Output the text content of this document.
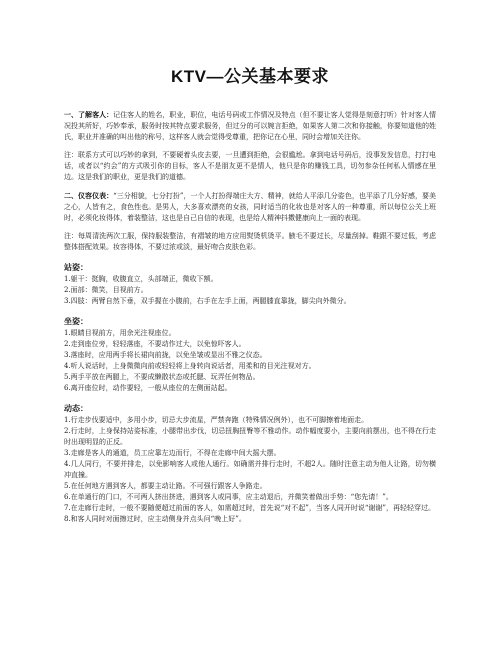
KTV—公关基本要求

一、了解客人：记住客人的姓名，职业，职位，电话号码或工作情况及特点（但不要让客人觉得是刻意打听）针对客人情况投其所好，巧妙奉承，服务时按其特点要求服务，但过分的可以婉言拒绝，如果客人第二次和你接触，你要知道他的姓氏，职业并准确的叫出他的称号，这样客人就会觉得受尊重，把你记在心里，同时会增加关注你。

注：联系方式可以巧妙的拿到，不要硬着头皮去要，一旦遭到拒绝，会很尴尬。拿到电话号码后，没事发发信息，打打电话，或者以“约会”的方式吸引你的目标，客人不是朋友更不是情人，他只是你的赚钱工具，切勿参杂任何私人情感在里边。这是我们的职业，更是我们的道德。

二、仪容仪表：“三分相貌，七分打扮”，一个人打扮得端庄大方、精神，就给人平添几分姿色，也平添了几分好感，要美之心，人皆有之，食色性也。是男人，大多喜欢漂亮的女孩，同时适当的化妆也是对客人的一种尊重，所以每位公关上班时，必须化妆得体，着装整洁，这也是自己自信的表现，也是给人精神抖擞健康向上一面的表现。

注：每周清洗两次工服，保持服装整洁，有褶皱的地方应用熨烫机烫平。腋毛不要过长，尽量刮掉。鞋跟不要过低，考虑整体搭配效果。妆容得体，不要过浓或淡，最好吻合皮肤色彩。

站姿：
1.躯干：挺胸，收腹直立，头部端正，微收下额。
2.面部：微笑，目视前方。
3.四肢：两臂自然下垂，双手握在小腹前，右手在左手上面，两腿膝直靠拢，脚尖向外微分。
坐姿：
1.眼睛目视前方，用余光注视座位。
2.走到座位旁，轻轻落座，不要动作过大，以免惊吓客人。
3.落座时，应用两手将长裙向前拢，以免坐皱或显出不雅之仪态。
4.听人说话时，上身微微向前或轻轻将上身转向说话者，用柔和的目光注视对方。
5.两手平放在两腿上，不要成懒散状态或托腮、玩弄任何物品。
6.离开座位时，动作要轻，一般从座位的左侧面站起。
动态：
1.行走步伐要适中，多用小步，切忌大步流星，严禁奔跑（特殊情况例外），也不可脚擦着地面走。
2.行走时，上身保持站姿标准，小腿带出步伐，切忌扭胸扭臀等不雅动作。动作幅度要小，主要向前摆出，也不得在行走时出现明显的正反。
3.走廊是客人的通道，员工应靠左边而行，不得在走廊中间大摇大摆。
4.几人同行，不要并排走，以免影响客人或他人通行。如确需并排行走时，不超2人。随时注意主动为他人让路，切勿横冲直撞。
5.在任何地方遇到客人，都要主动让路。不可强行跟客人争路走。
6.在单通行的门口，不可两人挤出挤进，遇到客人或同事，应主动退后，并微笑着做出手势：“您先请！”。
7.在走廊行走时，一般不要随便超过前面的客人，如需超过时，首先说“对不起”，当客人同开时说“谢谢”，再轻轻穿过。
8.和客人同时对面擦过时，应主动侧身并点头问“晚上好”。
